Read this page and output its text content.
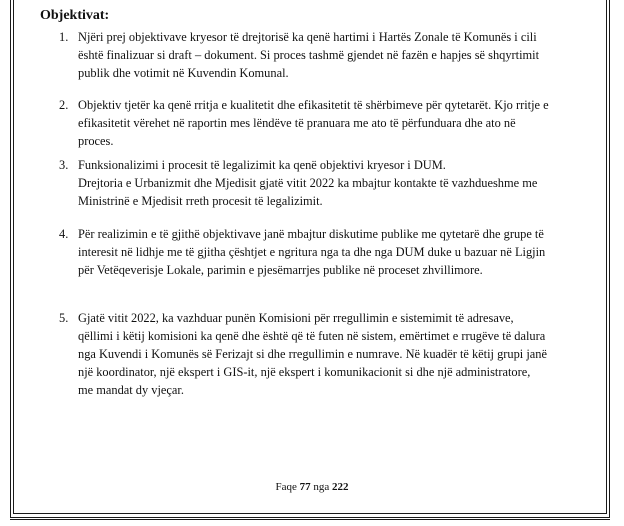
Objektivat:
1. Njëri prej objektivave kryesor të drejtorisë ka qenë hartimi i Hartës Zonale të Komunës i cili
është finalizuar si draft – dokument. Si proces tashmë gjendet në fazën e hapjes së shqyrtimit
publik dhe votimit në Kuvendin Komunal.
2. Objektiv tjetër ka qenë rritja e kualitetit dhe efikasitetit të shërbimeve për qytetarët. Kjo rritje e
efikasitetit vërehet në raportin mes lëndëve të pranuara me ato të përfunduara dhe ato në
proces.
3. Funksionalizimi i procesit të legalizimit ka qenë objektivi kryesor i DUM.
Drejtoria e Urbanizmit dhe Mjedisit gjatë vitit 2022 ka mbajtur kontakte të vazhdueshme me
Ministrinë e Mjedisit rreth procesit të legalizimit.
4. Për realizimin e të gjithë objektivave janë mbajtur diskutime publike me qytetarë dhe grupe të
interesit në lidhje me të gjitha çështjet e ngritura nga ta dhe nga DUM duke u bazuar në Ligjin
për Vetëqeverisje Lokale, parimin e pjesëmarrjes publike në proceset zhvillimore.
5. Gjatë vitit 2022, ka vazhduar punën Komisioni për rregullimin e sistemimit të adresave,
qëllimi i këtij komisioni ka qenë dhe është që të futen në sistem, emërtimet e rrugëve të dalura
nga Kuvendi i Komunës së Ferizajt si dhe rregullimin e numrave. Në kuadër të këtij grupi janë
një koordinator, një ekspert i GIS-it, një ekspert i komunikacionit si dhe një administratore,
me mandat dy vjeçar.
Faqe 77 nga 222
